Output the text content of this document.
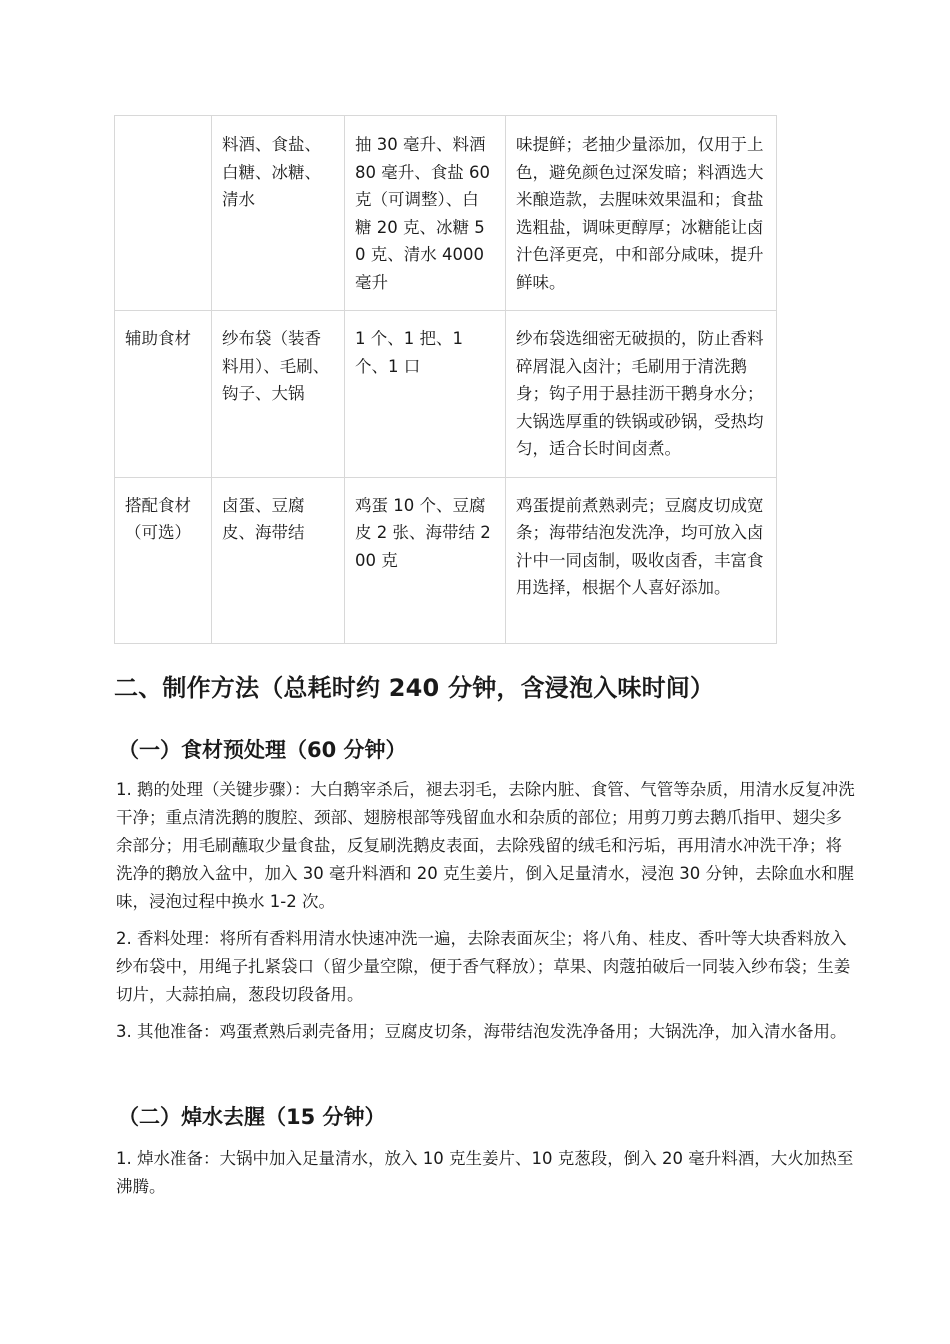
	料酒、食盐、白糖、冰糖、清水	抽 30 毫升、料酒 80 毫升、食盐 60 克（可调整）、白糖 20 克、冰糖 50 克、清水 4000 毫升	味提鲜；老抽少量添加，仅用于上色，避免颜色过深发暗；料酒选大米酿造款，去腥味效果温和；食盐选粗盐，调味更醇厚；冰糖能让卤汁色泽更亮，中和部分咸味，提升鲜味。
辅助食材	纱布袋（装香料用）、毛刷、钩子、大锅	1 个、1 把、1 个、1 口	纱布袋选细密无破损的，防止香料碎屑混入卤汁；毛刷用于清洗鹅身；钩子用于悬挂沥干鹅身水分；大锅选厚重的铁锅或砂锅，受热均匀，适合长时间卤煮。
搭配食材（可选）	卤蛋、豆腐皮、海带结	鸡蛋 10 个、豆腐皮 2 张、海带结 200 克	鸡蛋提前煮熟剥壳；豆腐皮切成宽条；海带结泡发洗净，均可放入卤汁中一同卤制，吸收卤香，丰富食用选择，根据个人喜好添加。
二、制作方法（总耗时约 240 分钟，含浸泡入味时间）
（一）食材预处理（60 分钟）

1. 鹅的处理（关键步骤）：大白鹅宰杀后，褪去羽毛，去除内脏、食管、气管等杂质，用清水反复冲洗干净；重点清洗鹅的腹腔、颈部、翅膀根部等残留血水和杂质的部位；用剪刀剪去鹅爪指甲、翅尖多余部分；用毛刷蘸取少量食盐，反复刷洗鹅皮表面，去除残留的绒毛和污垢，再用清水冲洗干净；将洗净的鹅放入盆中，加入 30 毫升料酒和 20 克生姜片，倒入足量清水，浸泡 30 分钟，去除血水和腥味，浸泡过程中换水 1-2 次。

2. 香料处理：将所有香料用清水快速冲洗一遍，去除表面灰尘；将八角、桂皮、香叶等大块香料放入纱布袋中，用绳子扎紧袋口（留少量空隙，便于香气释放）；草果、肉蔻拍破后一同装入纱布袋；生姜切片，大蒜拍扁，葱段切段备用。

3. 其他准备：鸡蛋煮熟后剥壳备用；豆腐皮切条，海带结泡发洗净备用；大锅洗净，加入清水备用。

（二）焯水去腥（15 分钟）

1. 焯水准备：大锅中加入足量清水，放入 10 克生姜片、10 克葱段，倒入 20 毫升料酒，大火加热至沸腾。
